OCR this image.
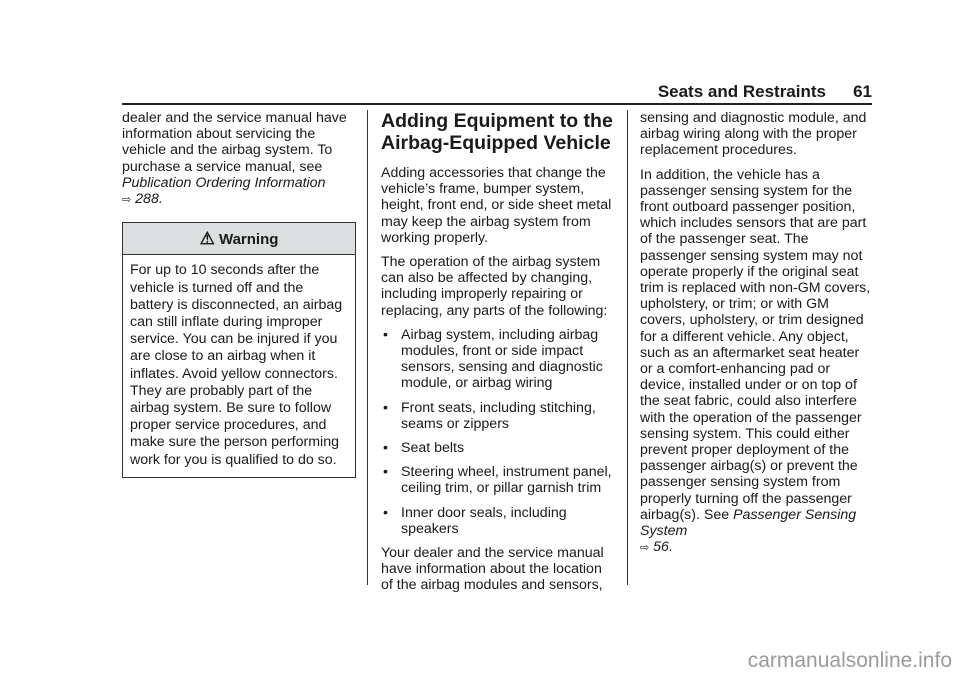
Seats and Restraints 61

dealer and the service manual have information about servicing the vehicle and the airbag system. To purchase a service manual, see Publication Ordering Information
⇨ 288.

⚠ Warning
For up to 10 seconds after the vehicle is turned off and the battery is disconnected, an airbag can still inflate during improper service. You can be injured if you are close to an airbag when it inflates. Avoid yellow connectors. They are probably part of the airbag system. Be sure to follow proper service procedures, and make sure the person performing work for you is qualified to do so.
Adding Equipment to the Airbag-Equipped Vehicle

Adding accessories that change the vehicle’s frame, bumper system, height, front end, or side sheet metal may keep the airbag system from working properly.

The operation of the airbag system can also be affected by changing, including improperly repairing or replacing, any parts of the following:

• Airbag system, including airbag modules, front or side impact sensors, sensing and diagnostic module, or airbag wiring
• Front seats, including stitching, seams or zippers
• Seat belts
• Steering wheel, instrument panel, ceiling trim, or pillar garnish trim
• Inner door seals, including speakers

Your dealer and the service manual have information about the location of the airbag modules and sensors,

sensing and diagnostic module, and airbag wiring along with the proper replacement procedures.

In addition, the vehicle has a passenger sensing system for the front outboard passenger position, which includes sensors that are part of the passenger seat. The passenger sensing system may not operate properly if the original seat trim is replaced with non-GM covers, upholstery, or trim; or with GM covers, upholstery, or trim designed for a different vehicle. Any object, such as an aftermarket seat heater or a comfort-enhancing pad or device, installed under or on top of the seat fabric, could also interfere with the operation of the passenger sensing system. This could either prevent proper deployment of the passenger airbag(s) or prevent the passenger sensing system from properly turning off the passenger airbag(s). See Passenger Sensing System
⇨ 56.

carmanualsonline.info
